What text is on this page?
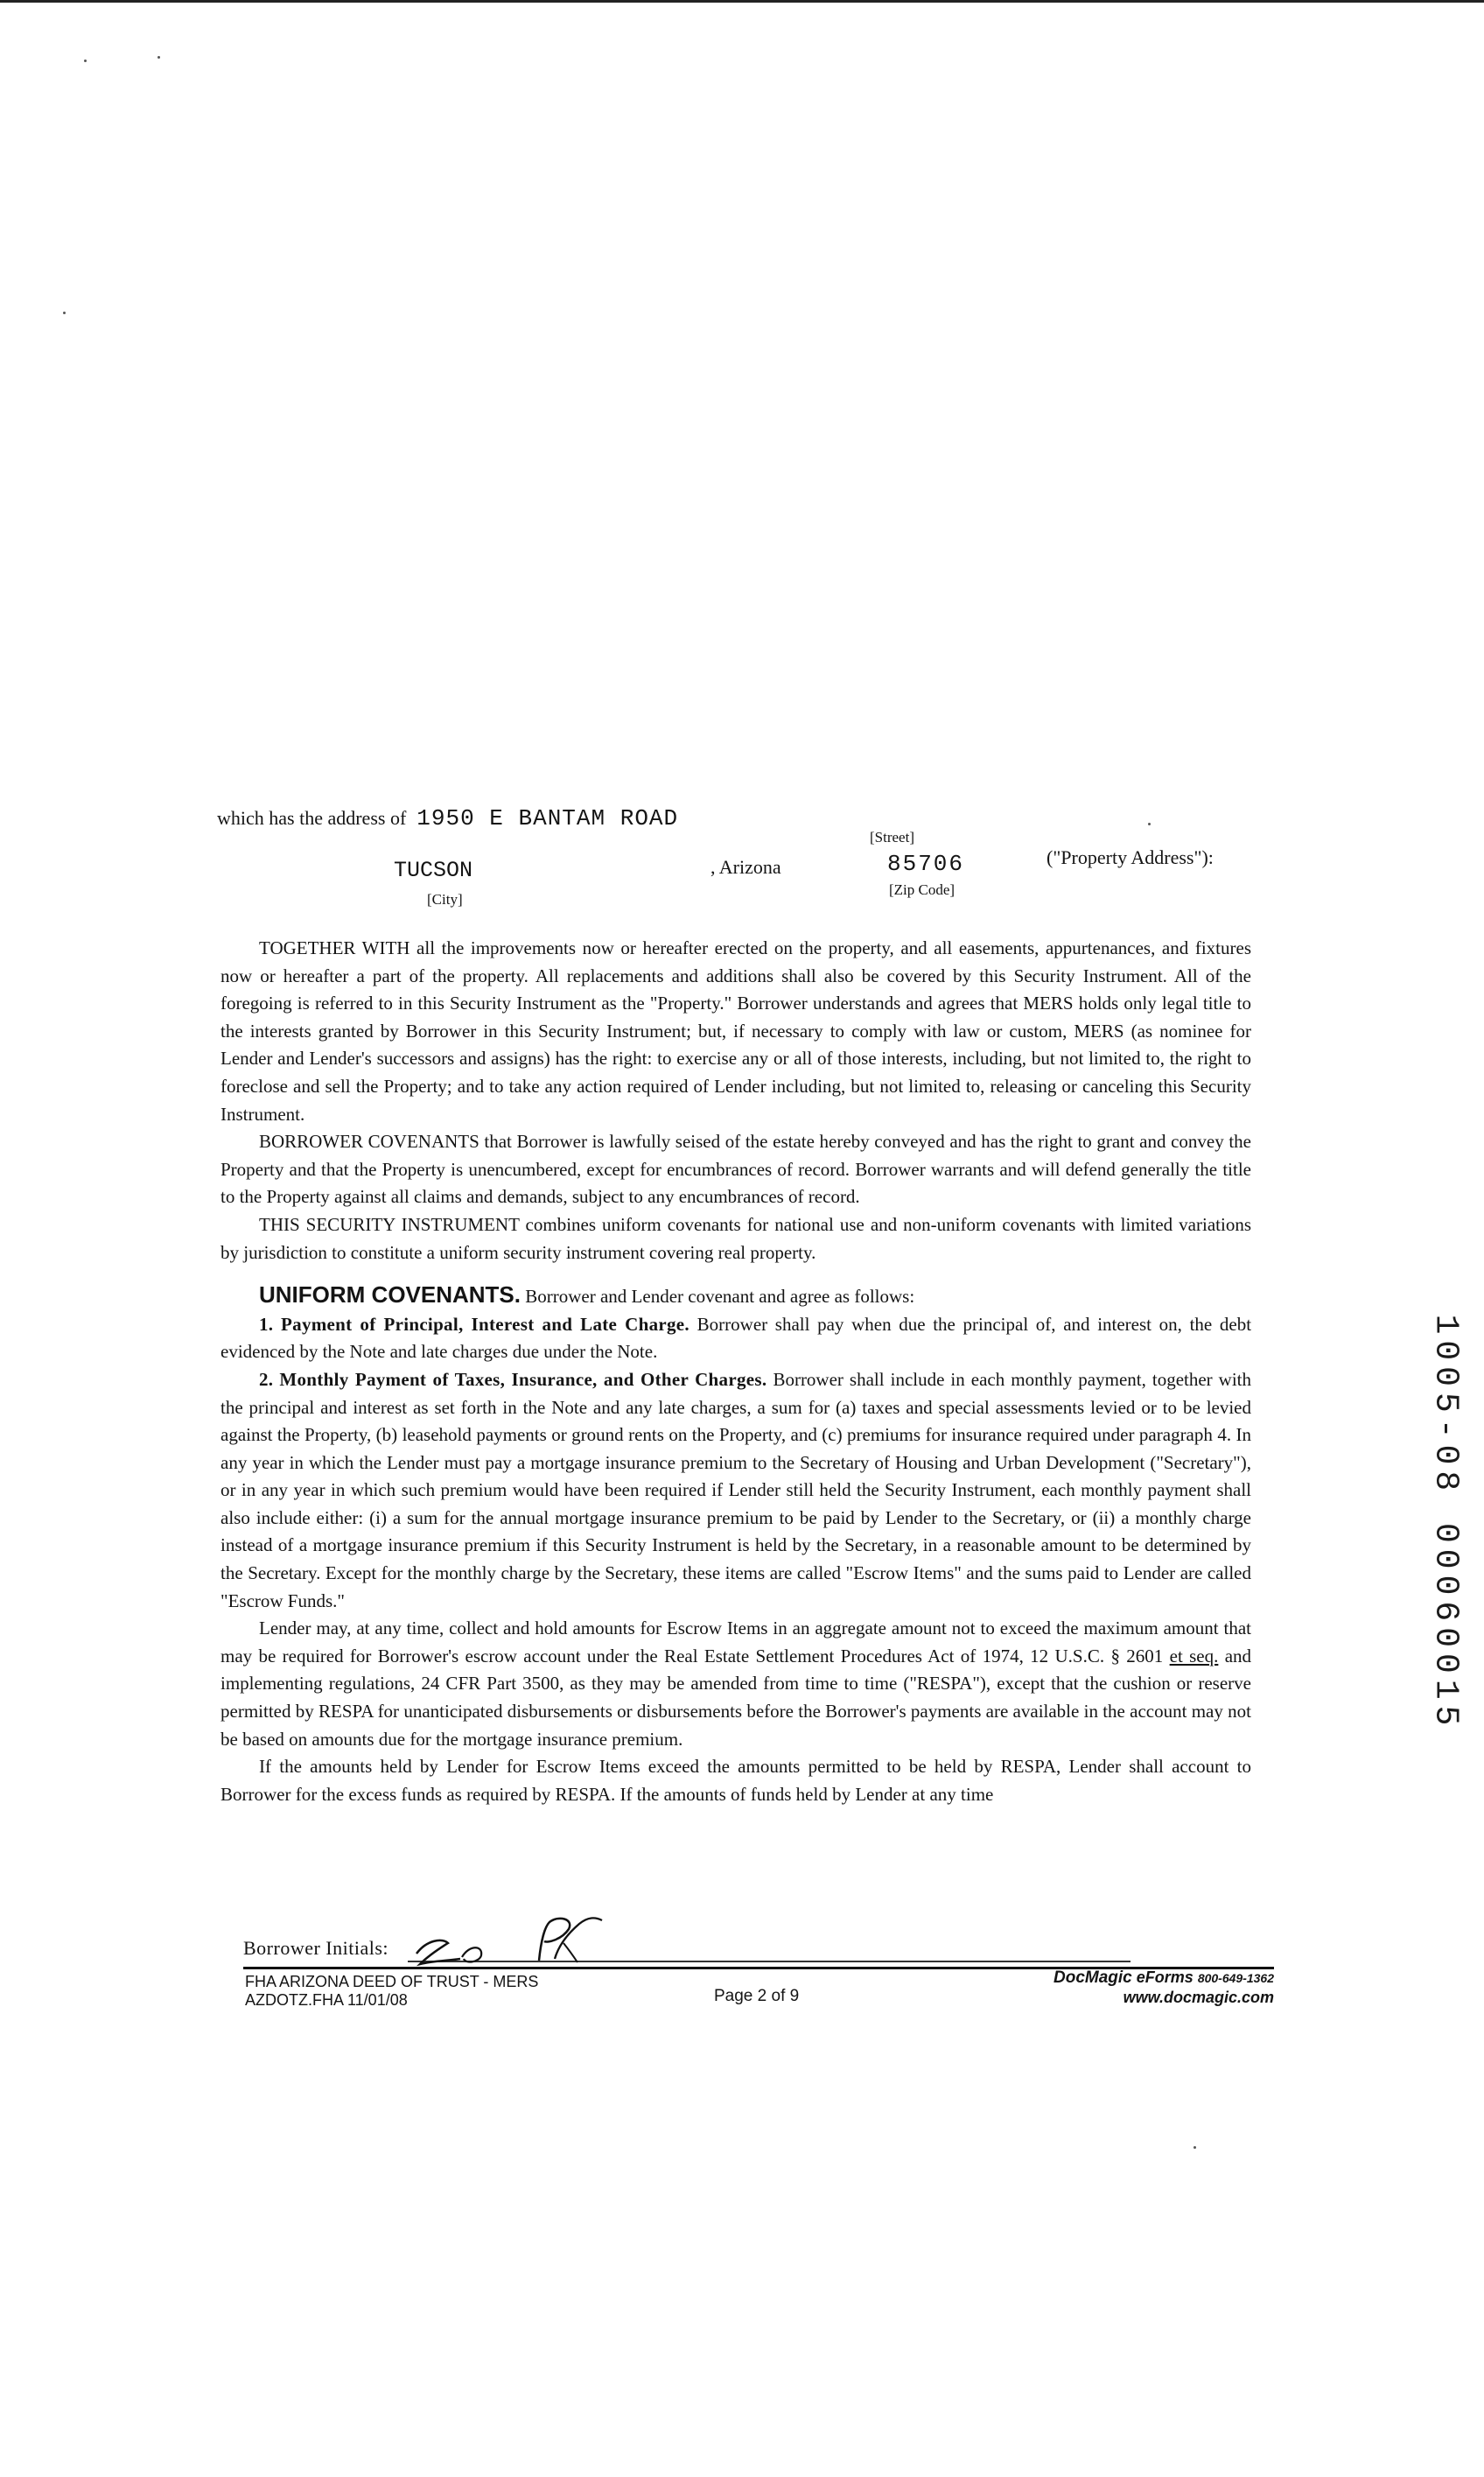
which has the address of 1950 E BANTAM ROAD
[Street]
TUCSON	, Arizona	85706	("Property Address"):
[City]
[Zip Code]

TOGETHER WITH all the improvements now or hereafter erected on the property, and all easements, appurtenances, and fixtures now or hereafter a part of the property. All replacements and additions shall also be covered by this Security Instrument. All of the foregoing is referred to in this Security Instrument as the "Property." Borrower understands and agrees that MERS holds only legal title to the interests granted by Borrower in this Security Instrument; but, if necessary to comply with law or custom, MERS (as nominee for Lender and Lender's successors and assigns) has the right: to exercise any or all of those interests, including, but not limited to, the right to foreclose and sell the Property; and to take any action required of Lender including, but not limited to, releasing or canceling this Security Instrument.

BORROWER COVENANTS that Borrower is lawfully seised of the estate hereby conveyed and has the right to grant and convey the Property and that the Property is unencumbered, except for encumbrances of record. Borrower warrants and will defend generally the title to the Property against all claims and demands, subject to any encumbrances of record.

THIS SECURITY INSTRUMENT combines uniform covenants for national use and non-uniform covenants with limited variations by jurisdiction to constitute a uniform security instrument covering real property.

UNIFORM COVENANTS. Borrower and Lender covenant and agree as follows:

1. Payment of Principal, Interest and Late Charge. Borrower shall pay when due the principal of, and interest on, the debt evidenced by the Note and late charges due under the Note.

2. Monthly Payment of Taxes, Insurance, and Other Charges. Borrower shall include in each monthly payment, together with the principal and interest as set forth in the Note and any late charges, a sum for (a) taxes and special assessments levied or to be levied against the Property, (b) leasehold payments or ground rents on the Property, and (c) premiums for insurance required under paragraph 4. In any year in which the Lender must pay a mortgage insurance premium to the Secretary of Housing and Urban Development ("Secretary"), or in any year in which such premium would have been required if Lender still held the Security Instrument, each monthly payment shall also include either: (i) a sum for the annual mortgage insurance premium to be paid by Lender to the Secretary, or (ii) a monthly charge instead of a mortgage insurance premium if this Security Instrument is held by the Secretary, in a reasonable amount to be determined by the Secretary. Except for the monthly charge by the Secretary, these items are called "Escrow Items" and the sums paid to Lender are called "Escrow Funds."

Lender may, at any time, collect and hold amounts for Escrow Items in an aggregate amount not to exceed the maximum amount that may be required for Borrower's escrow account under the Real Estate Settlement Procedures Act of 1974, 12 U.S.C. § 2601 et seq. and implementing regulations, 24 CFR Part 3500, as they may be amended from time to time ("RESPA"), except that the cushion or reserve permitted by RESPA for unanticipated disbursements or disbursements before the Borrower's payments are available in the account may not be based on amounts due for the mortgage insurance premium.

If the amounts held by Lender for Escrow Items exceed the amounts permitted to be held by RESPA, Lender shall account to Borrower for the excess funds as required by RESPA. If the amounts of funds held by Lender at any time

Borrower Initials:
FHA ARIZONA DEED OF TRUST - MERS
AZDOTZ.FHA 11/01/08	Page 2 of 9
DocMagic eForms 800-649-1362
www.docmagic.com
1005-08 00060015
